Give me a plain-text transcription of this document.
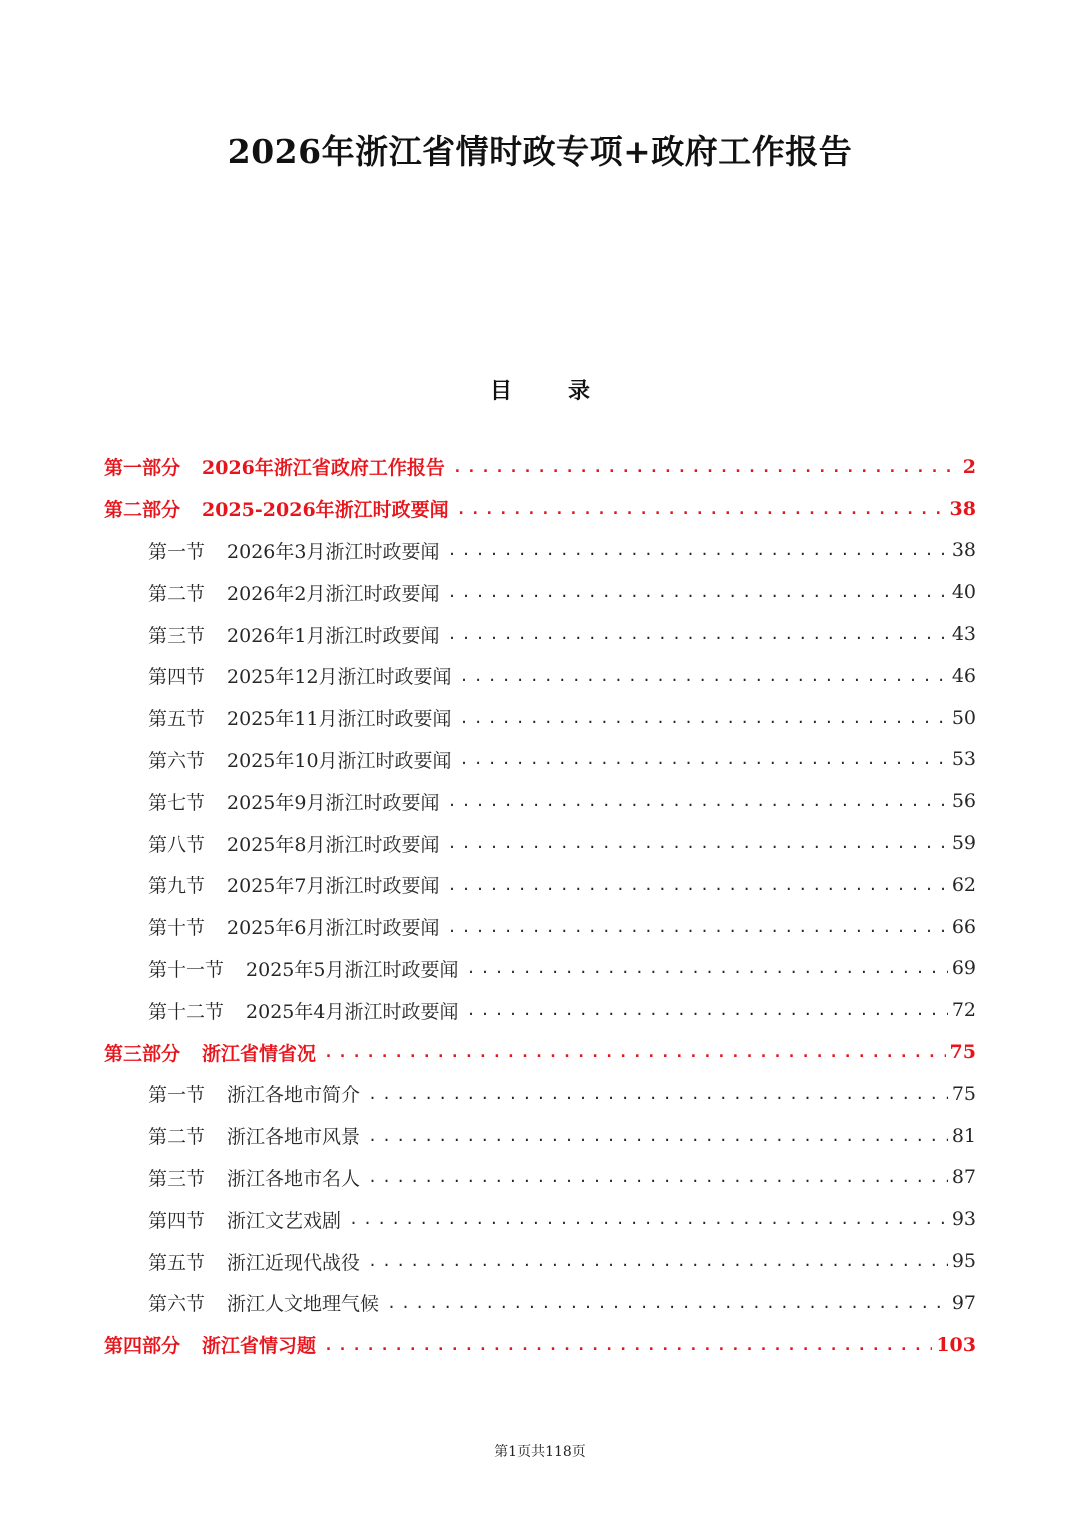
2026年浙江省情时政专项+政府工作报告
目录
第一部分 2026年浙江省政府工作报告 .....	2
第二部分 2025-2026年浙江时政要闻 .....	38
第一节 2026年3月浙江时政要闻 .....	38
第二节 2026年2月浙江时政要闻 .....	40
第三节 2026年1月浙江时政要闻 .....	43
第四节 2025年12月浙江时政要闻 .....	46
第五节 2025年11月浙江时政要闻 .....	50
第六节 2025年10月浙江时政要闻 .....	53
第七节 2025年9月浙江时政要闻 .....	56
第八节 2025年8月浙江时政要闻 .....	59
第九节 2025年7月浙江时政要闻 .....	62
第十节 2025年6月浙江时政要闻 .....	66
第十一节 2025年5月浙江时政要闻 .....	69
第十二节 2025年4月浙江时政要闻 .....	72
第三部分 浙江省情省况 .....	75
第一节 浙江各地市简介 .....	75
第二节 浙江各地市风景 .....	81
第三节 浙江各地市名人 .....	87
第四节 浙江文艺戏剧 .....	93
第五节 浙江近现代战役 .....	95
第六节 浙江人文地理气候 .....	97
第四部分 浙江省情习题 .....	103
第1页共118页
